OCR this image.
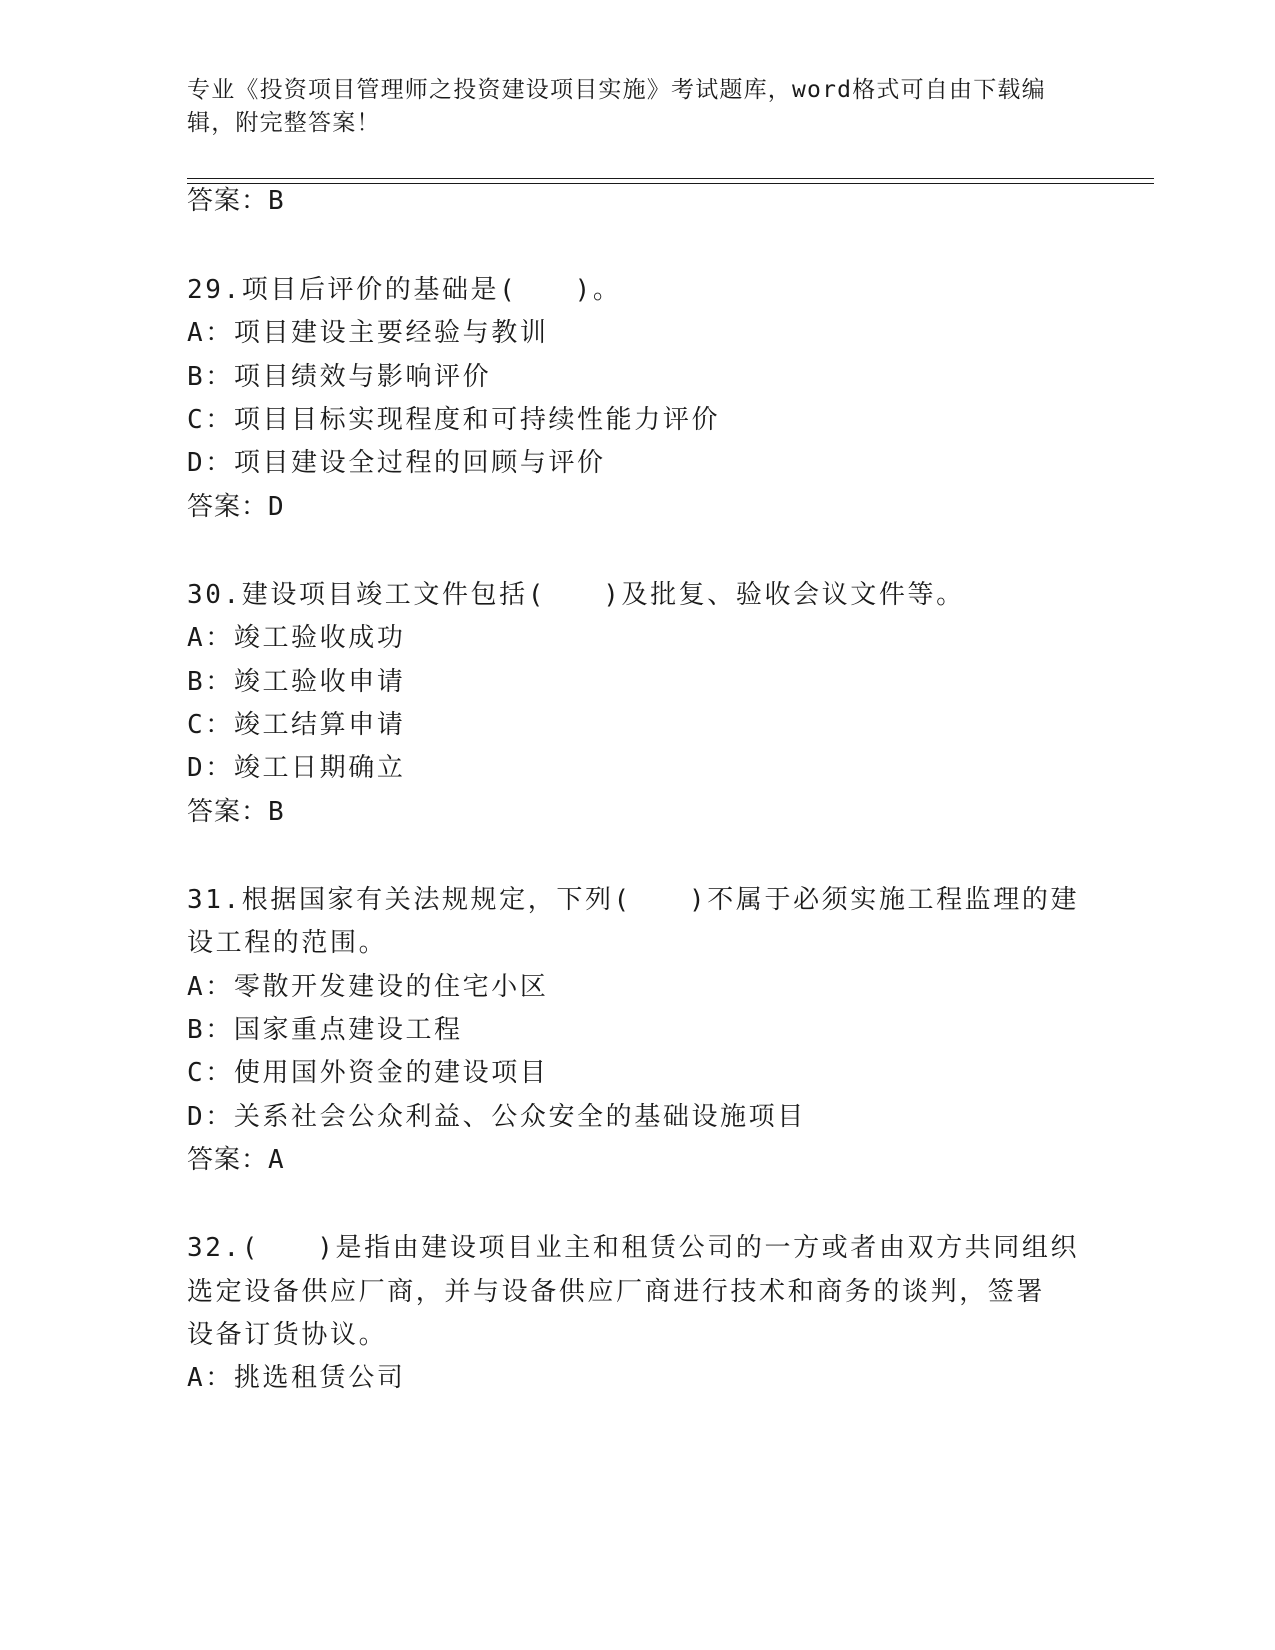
专业《投资项目管理师之投资建设项目实施》考试题库，word格式可自由下载编
辑，附完整答案！
答案：B
29.项目后评价的基础是(　　)。
A：项目建设主要经验与教训
B：项目绩效与影响评价
C：项目目标实现程度和可持续性能力评价
D：项目建设全过程的回顾与评价
答案：D
30.建设项目竣工文件包括(　　)及批复、验收会议文件等。
A：竣工验收成功
B：竣工验收申请
C：竣工结算申请
D：竣工日期确立
答案：B
31.根据国家有关法规规定，下列(　　)不属于必须实施工程监理的建
设工程的范围。
A：零散开发建设的住宅小区
B：国家重点建设工程
C：使用国外资金的建设项目
D：关系社会公众利益、公众安全的基础设施项目
答案：A
32.(　　)是指由建设项目业主和租赁公司的一方或者由双方共同组织
选定设备供应厂商，并与设备供应厂商进行技术和商务的谈判，签署
设备订货协议。
A：挑选租赁公司
